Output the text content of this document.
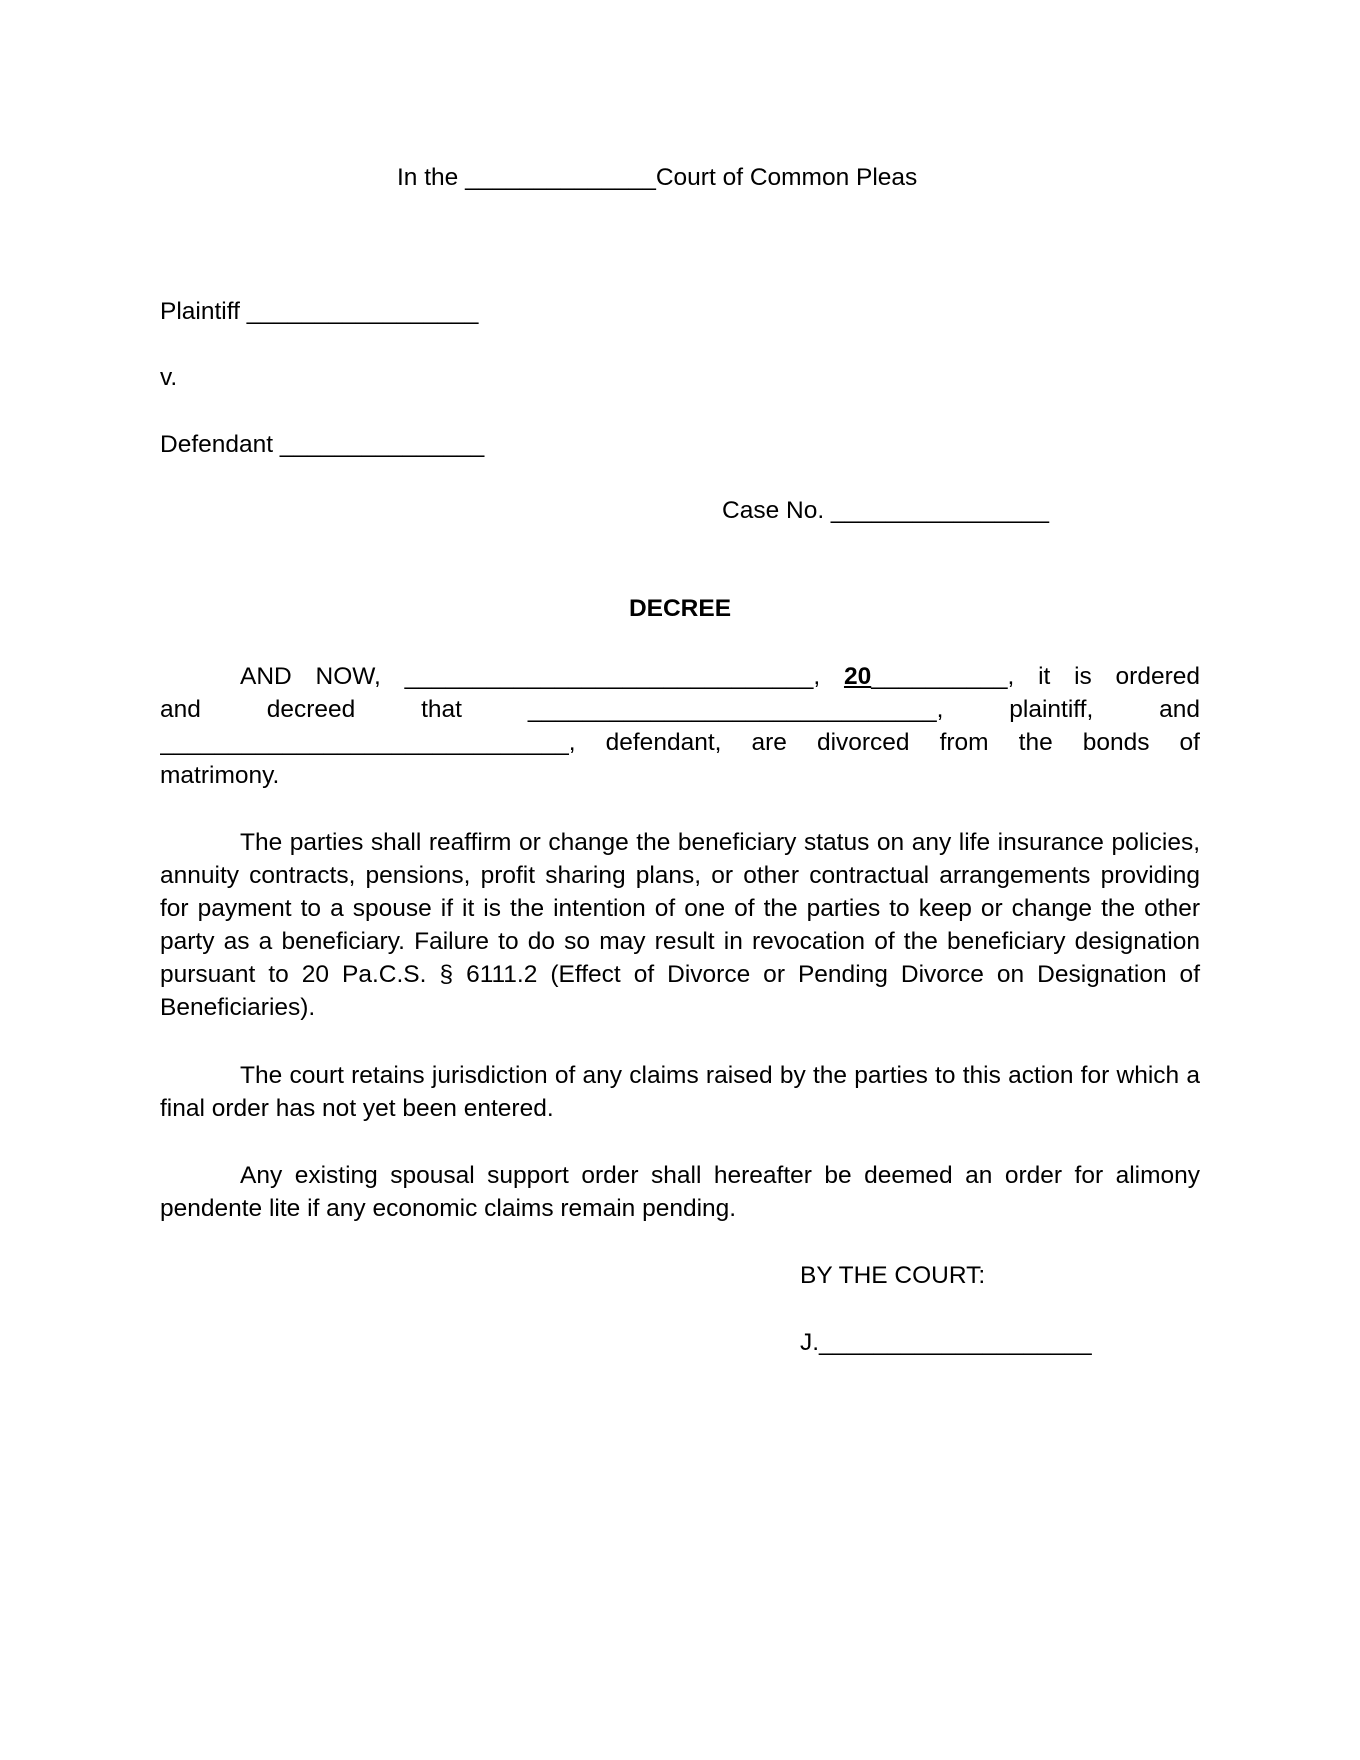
In the ______________Court of Common Pleas
Plaintiff _________________
v.
Defendant _______________
Case No. ________________
DECREE

AND NOW, ______________________________, 20__________, it is ordered

and decreed that ______________________________, plaintiff, and

______________________________, defendant, are divorced from the bonds of

matrimony.

The parties shall reaffirm or change the beneficiary status on any life insurance policies, annuity contracts, pensions, profit sharing plans, or other contractual arrangements providing for payment to a spouse if it is the intention of one of the parties to keep or change the other party as a beneficiary. Failure to do so may result in revocation of the beneficiary designation pursuant to 20 Pa.C.S. § 6111.2 (Effect of Divorce or Pending Divorce on Designation of Beneficiaries).

The court retains jurisdiction of any claims raised by the parties to this action for which a final order has not yet been entered.

Any existing spousal support order shall hereafter be deemed an order for alimony pendente lite if any economic claims remain pending.

BY THE COURT:
J.____________________
